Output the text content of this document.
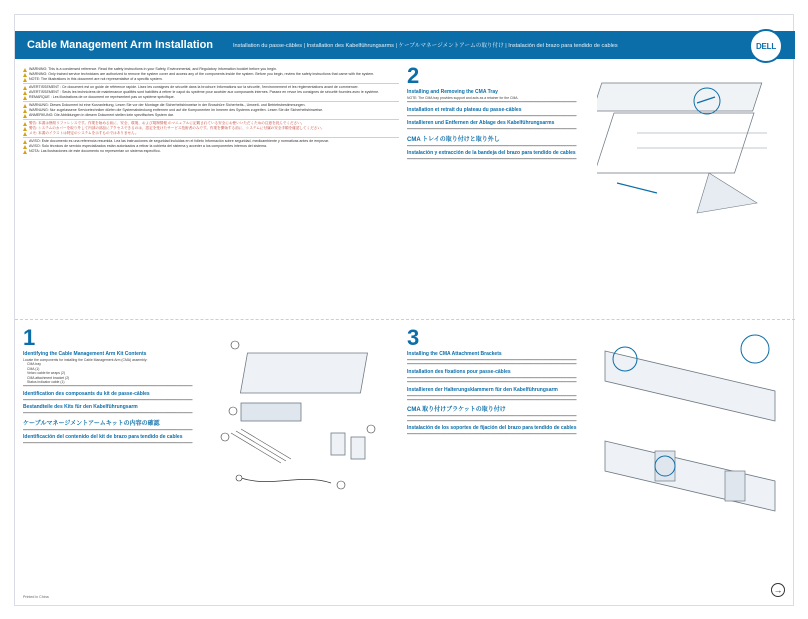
Cable Management Arm Installation	Installation du passe-câbles | Installation des Kabelführungsarms | ケーブルマネージメントアームの取り付け | Instalación del brazo para tendido de cables	DELL
WARNING: This is a condensed reference. Read the safety instructions in your Safety, Environmental, and Regulatory Information booklet before you begin.
WARNING: Only trained service technicians are authorized to remove the system cover and access any of the components inside the system. Before you begin, review the safety instructions that came with the system.
NOTE: The illustrations in this document are not representative of a specific system.
AVERTISSEMENT : Ce document est un guide de référence rapide. Lisez les consignes de sécurité dans la brochure Informations sur la sécurité, l'environnement et les réglementations avant de commencer.
AVERTISSEMENT : Seuls les techniciens de maintenance qualifiés sont habilités à retirer le capot du système pour accéder aux composants internes. Passez en revue les consignes de sécurité fournies avec le système.
REMARQUE : Les illustrations de ce document ne représentent pas un système spécifique.
WARNUNG: Dieses Dokument ist eine Kurzanleitung. Lesen Sie vor der Montage die Sicherheitshinweise in der Broschüre Sicherheits-, Umwelt- und Betriebsbestimmungen.
WARNUNG: Nur zugelassene Servicetechniker dürfen die Systemabdeckung entfernen und auf die Komponenten im Inneren des Systems zugreifen. Lesen Sie die Sicherheitshinweise.
ANMERKUNG: Die Abbildungen in diesem Dokument stellen kein spezifisches System dar.
警告: 本書は簡易リファレンスです。作業を始める前に、安全、環境、および規制情報 のマニュアルに記載されている安全にお使いいただくための注意を読んでください。
警告: システムのカバーを取り外して内部の部品にアクセスできるのは、認定を受けたサービス技術者のみです。作業を開始する前に、システムに付属の安全手順を確認してください。
メモ: 本書のイラストは特定のシステムを示すものではありません。
AVISO: Este documento es una referencia resumida. Lea las instrucciones de seguridad incluidas en el folleto Información sobre seguridad, medioambiente y normativas antes de empezar.
AVISO: Solo técnicos de servicio especializados están autorizados a retirar la cubierta del sistema y acceder a los componentes internos del sistema.
NOTA: Las ilustraciones de este documento no representan un sistema específico.
2
Installing and Removing the CMA Tray
NOTE: The CMA tray provides support and acts as a retainer for the CMA.
━━━━━━━━━━━━━━━━━━━━━━━━━━━━━━━━━━━━━━━━━━━━━━━━━━━━━━━━━━━━━━━━━━━━━━━━━━━━━━━━━━━
Installation et retrait du plateau du passe-câbles
━━━━━━━━━━━━━━━━━━━━━━━━━━━━━━━━━━━━━━━━━━━━━━━━━━━━━━━━━━━━━━━━━━━━━━━━━━━━━━━━━━━
Installieren und Entfernen der Ablage des Kabelführungsarms
━━━━━━━━━━━━━━━━━━━━━━━━━━━━━━━━━━━━━━━━━━━━━━━━━━━━━━━━━━━━━━━━━━━━━━━━━━━━━━━━━━━
CMA トレイの取り付けと取り外し
━━━━━━━━━━━━━━━━━━━━━━━━━━━━━━━━━━━━━━━━━━━━━━━━━━━━━━━━━━━━━━━━━━━━━━━━━━━━━━━━━━━
Instalación y extracción de la bandeja del brazo para tendido de cables
━━━━━━━━━━━━━━━━━━━━━━━━━━━━━━━━━━━━━━━━━━━━━━━━━━━━━━━━━━━━━━━━━━━━━━━━━━━━━━━━━━━
1
Identifying the Cable Management Arm Kit Contents
Locate the components for installing the Cable Management Arm (CMA) assembly:
CMA tray
CMA (1)
Velcro cable tie wraps (2)
CMA attachment bracket (2)
Status indicator cable (1)
━━━━━━━━━━━━━━━━━━━━━━━━━━━━━━━━━━━━━━━━━━━━━━━━━━━━━━━━━━━━━━━━━━━━━━━━━━━━━━━━━━━
Identification des composants du kit de passe-câbles
━━━━━━━━━━━━━━━━━━━━━━━━━━━━━━━━━━━━━━━━━━━━━━━━━━━━━━━━━━━━━━━━━━━━━━━━━━━━━━━━━━━
Bestandteile des Kits für den Kabelführungsarm
━━━━━━━━━━━━━━━━━━━━━━━━━━━━━━━━━━━━━━━━━━━━━━━━━━━━━━━━━━━━━━━━━━━━━━━━━━━━━━━━━━━
ケーブルマネージメントアームキットの内容の確認
━━━━━━━━━━━━━━━━━━━━━━━━━━━━━━━━━━━━━━━━━━━━━━━━━━━━━━━━━━━━━━━━━━━━━━━━━━━━━━━━━━━
Identificación del contenido del kit de brazo para tendido de cables
━━━━━━━━━━━━━━━━━━━━━━━━━━━━━━━━━━━━━━━━━━━━━━━━━━━━━━━━━━━━━━━━━━━━━━━━━━━━━━━━━━━
3
Installing the CMA Attachment Brackets
━━━━━━━━━━━━━━━━━━━━━━━━━━━━━━━━━━━━━━━━━━━━━━━━━━━━━━━━━━━━━━━━━━━━━━━━━━━━━━━━━━━
━━━━━━━━━━━━━━━━━━━━━━━━━━━━━━━━━━━━━━━━━━━━━━━━━━━━━━━━━━━━━━━━━━━━━━━━━━━━━━━━━━━
Installation des fixations pour passe-câbles
━━━━━━━━━━━━━━━━━━━━━━━━━━━━━━━━━━━━━━━━━━━━━━━━━━━━━━━━━━━━━━━━━━━━━━━━━━━━━━━━━━━
━━━━━━━━━━━━━━━━━━━━━━━━━━━━━━━━━━━━━━━━━━━━━━━━━━━━━━━━━━━━━━━━━━━━━━━━━━━━━━━━━━━
Installieren der Halterungsklammern für den Kabelführungsarm
━━━━━━━━━━━━━━━━━━━━━━━━━━━━━━━━━━━━━━━━━━━━━━━━━━━━━━━━━━━━━━━━━━━━━━━━━━━━━━━━━━━
━━━━━━━━━━━━━━━━━━━━━━━━━━━━━━━━━━━━━━━━━━━━━━━━━━━━━━━━━━━━━━━━━━━━━━━━━━━━━━━━━━━
CMA 取り付けブラケットの取り付け
━━━━━━━━━━━━━━━━━━━━━━━━━━━━━━━━━━━━━━━━━━━━━━━━━━━━━━━━━━━━━━━━━━━━━━━━━━━━━━━━━━━
━━━━━━━━━━━━━━━━━━━━━━━━━━━━━━━━━━━━━━━━━━━━━━━━━━━━━━━━━━━━━━━━━━━━━━━━━━━━━━━━━━━
Instalación de los soportes de fijación del brazo para tendido de cables
━━━━━━━━━━━━━━━━━━━━━━━━━━━━━━━━━━━━━━━━━━━━━━━━━━━━━━━━━━━━━━━━━━━━━━━━━━━━━━━━━━━
Printed in China
→
